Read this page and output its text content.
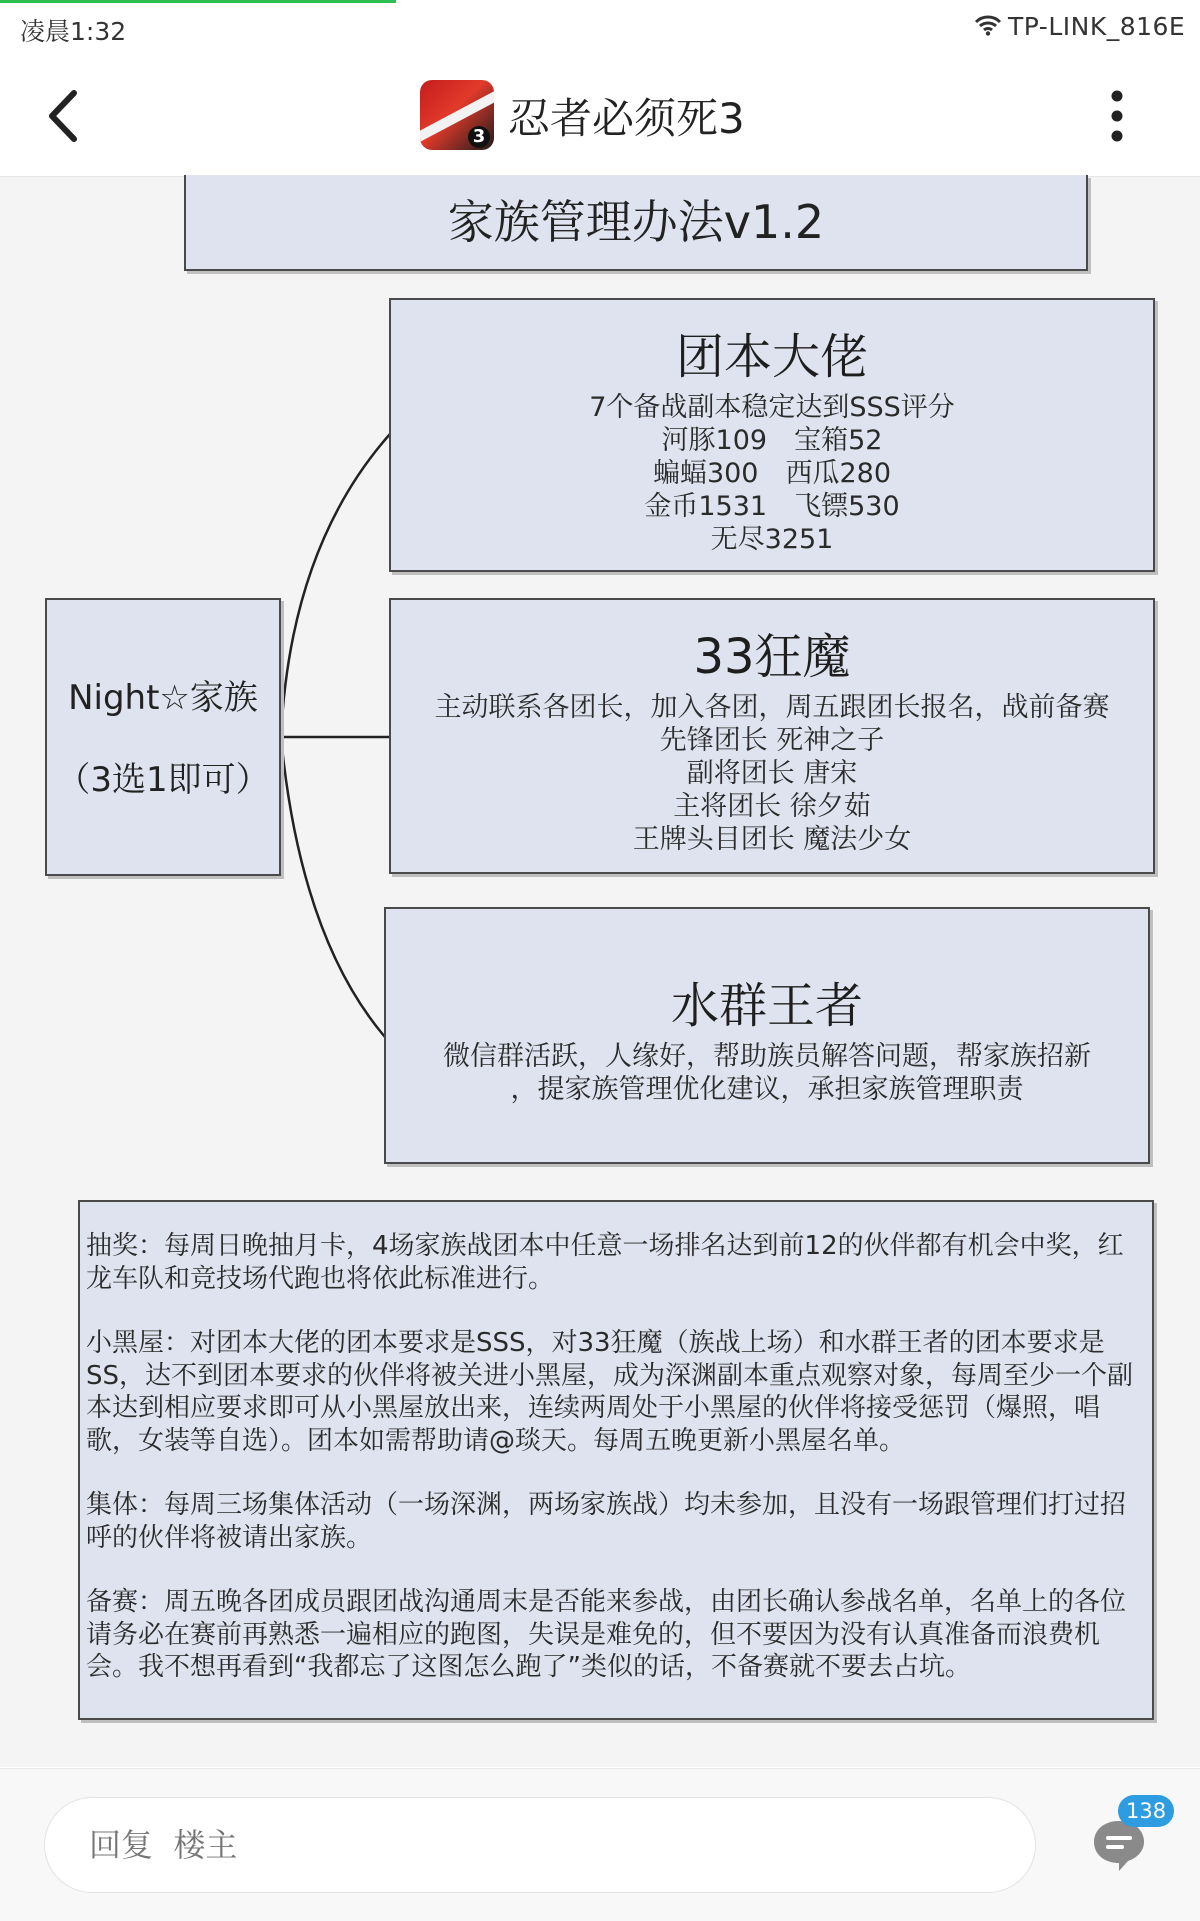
凌晨1:32	TP-LINK_816E
3 忍者必须死3
家族管理办法v1.2
Night☆家族
（3选1即可）
团本大佬
7个备战副本稳定达到SSS评分
河豚109　宝箱52
蝙蝠300　西瓜280
金币1531　飞镖530
无尽3251
33狂魔
主动联系各团长，加入各团，周五跟团长报名，战前备赛
先锋团长 死神之子
副将团长 唐宋
主将团长 徐夕茹
王牌头目团长 魔法少女
水群王者
微信群活跃，人缘好，帮助族员解答问题，帮家族招新
，提家族管理优化建议，承担家族管理职责

抽奖：每周日晚抽月卡，4场家族战团本中任意一场排名达到前12的伙伴都有机会中奖，红龙车队和竞技场代跑也将依此标准进行。

小黑屋：对团本大佬的团本要求是SSS，对33狂魔（族战上场）和水群王者的团本要求是SS，达不到团本要求的伙伴将被关进小黑屋，成为深渊副本重点观察对象，每周至少一个副本达到相应要求即可从小黑屋放出来，连续两周处于小黑屋的伙伴将接受惩罚（爆照，唱歌，女装等自选）。团本如需帮助请@琰天。每周五晚更新小黑屋名单。

集体：每周三场集体活动（一场深渊，两场家族战）均未参加，且没有一场跟管理们打过招呼的伙伴将被请出家族。

备赛：周五晚各团成员跟团战沟通周末是否能来参战，由团长确认参战名单，名单上的各位请务必在赛前再熟悉一遍相应的跑图，失误是难免的，但不要因为没有认真准备而浪费机会。我不想再看到“我都忘了这图怎么跑了”类似的话，不备赛就不要去占坑。

回复 楼主
138
